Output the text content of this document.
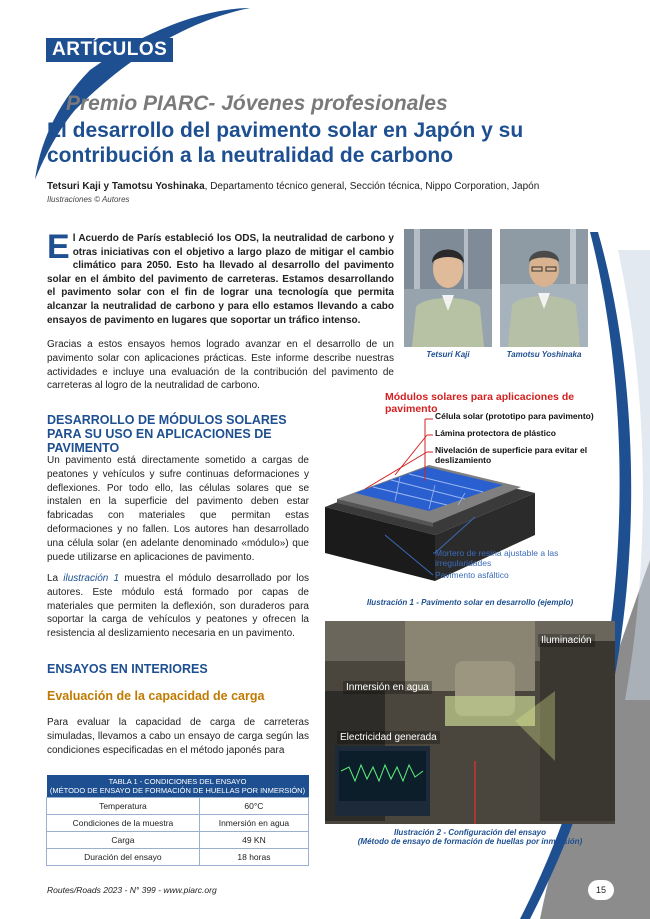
ARTÍCULOS
Premio PIARC- Jóvenes profesionales
El desarrollo del pavimento solar en Japón y su contribución a la neutralidad de carbono
Tetsuri Kaji y Tamotsu Yoshinaka, Departamento técnico general, Sección técnica, Nippo Corporation, Japón
Ilustraciones © Autores
El Acuerdo de París estableció los ODS, la neutralidad de carbono y otras iniciativas con el objetivo a largo plazo de mitigar el cambio climático para 2050. Esto ha llevado al desarrollo del pavimento solar en el ámbito del pavimento de carreteras. Estamos desarrollando el pavimento solar con el fin de lograr una tecnología que permita alcanzar la neutralidad de carbono y para ello estamos llevando a cabo ensayos de pavimento en lugares que soportar un tráfico intenso.
Gracias a estos ensayos hemos logrado avanzar en el desarrollo de un pavimento solar con aplicaciones prácticas. Este informe describe nuestras actividades e incluye una evaluación de la contribución del pavimento de carreteras al logro de la neutralidad de carbono.
Tetsuri Kaji	Tamotsu Yoshinaka
DESARROLLO DE MÓDULOS SOLARES PARA SU USO EN APLICACIONES DE PAVIMENTO
Un pavimento está directamente sometido a cargas de peatones y vehículos y sufre continuas deformaciones y deflexiones. Por todo ello, las células solares que se instalen en la superficie del pavimento deben estar fabricadas con materiales que permitan estas deformaciones y no fallen. Los autores han desarrollado una célula solar (en adelante denominado «módulo») que puede utilizarse en aplicaciones de pavimento.
La ilustración 1 muestra el módulo desarrollado por los autores. Este módulo está formado por capas de materiales que permiten la deflexión, son duraderos para soportar la carga de vehículos y peatones y ofrecen la resistencia al deslizamiento necesaria en un pavimento.
ENSAYOS EN INTERIORES
Evaluación de la capacidad de carga
Para evaluar la capacidad de carga de carreteras simuladas, llevamos a cabo un ensayo de carga según las condiciones especificadas en el método japonés para
TABLA 1 - CONDICIONES DEL ENSAYO
(MÉTODO DE ENSAYO DE FORMACIÓN DE HUELLAS POR INMERSIÓN)	
Temperatura	60°C
Condiciones de la muestra	Inmersión en agua
Carga	49 KN
Duración del ensayo	18 horas
Módulos solares para aplicaciones de pavimento
Célula solar (prototipo para pavimento)
Lámina protectora de plástico
Nivelación de superficie para evitar el deslizamiento
Mortero de resina ajustable a las irregularidades
Pavimento asfáltico
Ilustración 1 - Pavimento solar en desarrollo (ejemplo)
Iluminación
Inmersión en agua
Electricidad generada
Ilustración 2 - Configuración del ensayo
(Método de ensayo de formación de huellas por inmersión)
Routes/Roads 2023 - N° 399 - www.piarc.org	15
